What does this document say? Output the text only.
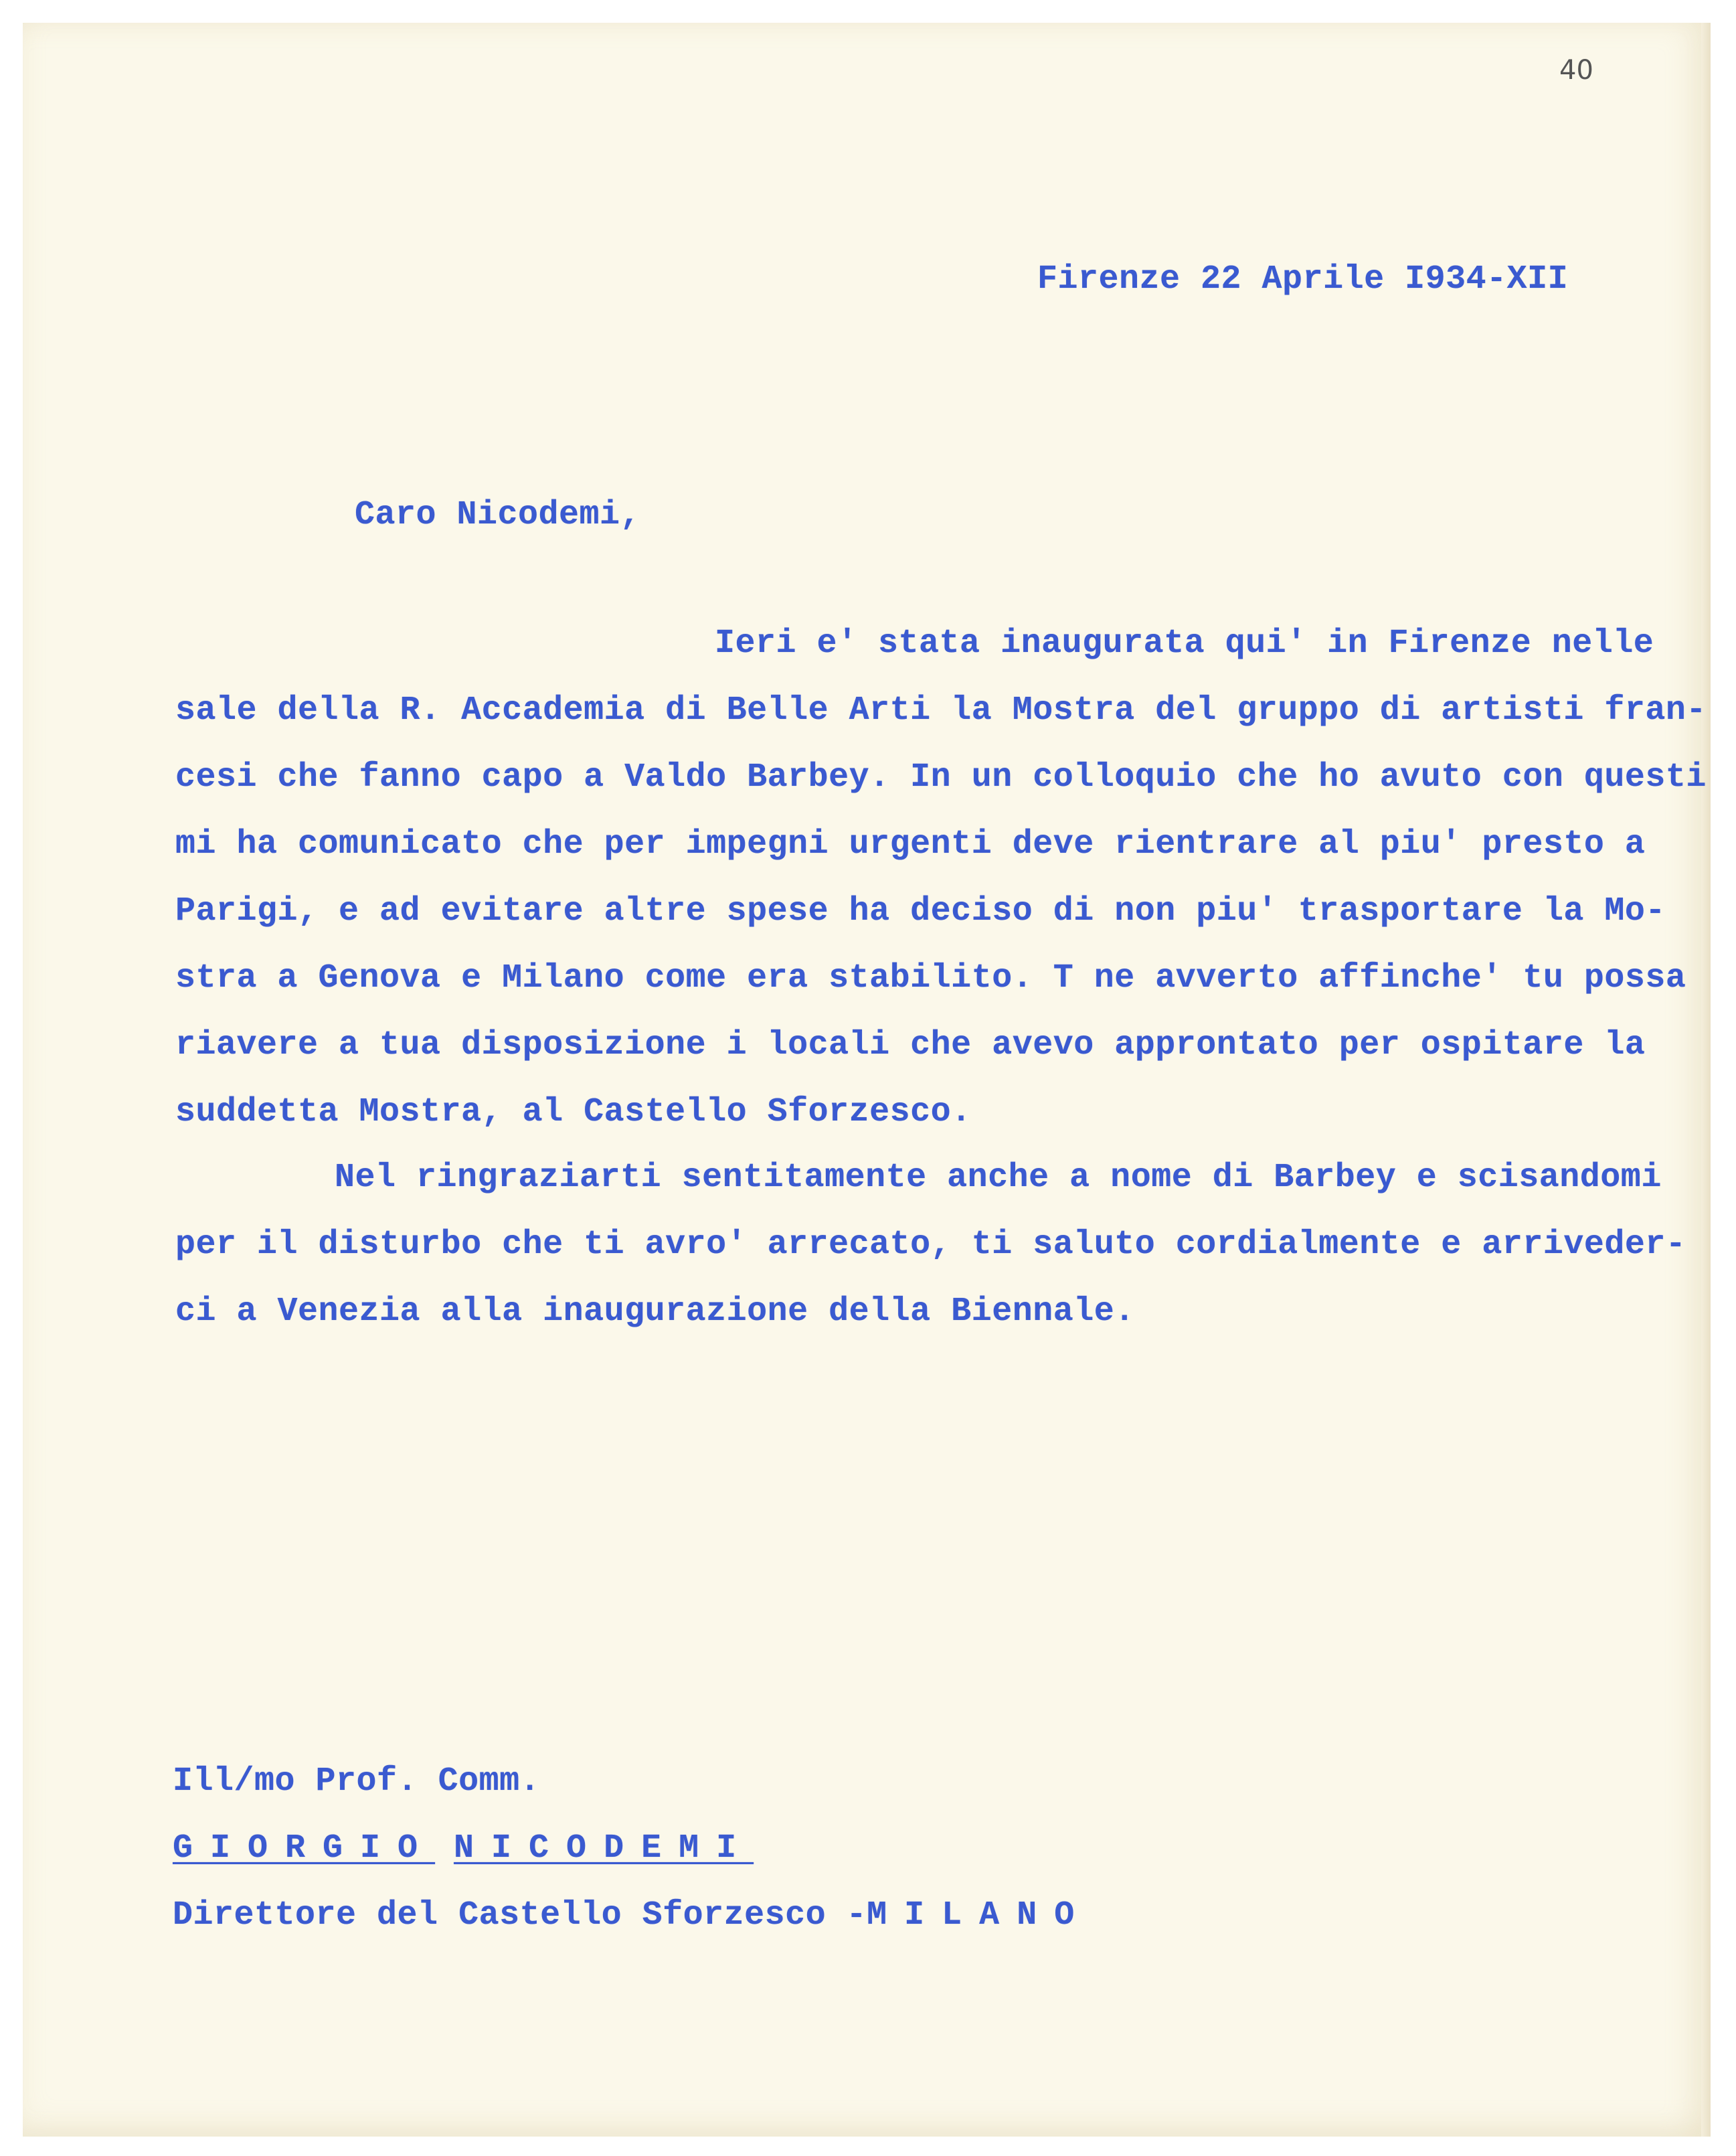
40
Firenze 22 Aprile I934-XII
Caro Nicodemi,
Ieri e' stata inaugurata qui' in Firenze nelle
sale della R. Accademia di Belle Arti la Mostra del gruppo di artisti fran-
cesi che fanno capo a Valdo Barbey. In un colloquio che ho avuto con questi
mi ha comunicato che per impegni urgenti deve rientrare al piu' presto a
Parigi, e ad evitare altre spese ha deciso di non piu' trasportare la Mo-
stra a Genova e Milano come era stabilito. T ne avverto affinche' tu possa
riavere a tua disposizione i locali che avevo approntato per ospitare la
suddetta Mostra, al Castello Sforzesco.
Nel ringraziarti sentitamente anche a nome di Barbey e scisandomi
per il disturbo che ti avro' arrecato, ti saluto cordialmente e arriveder-
ci a Venezia alla inaugurazione della Biennale.
Ill/mo Prof. Comm.
GIORGIO NICODEMI
Direttore del Castello Sforzesco -MILANO
